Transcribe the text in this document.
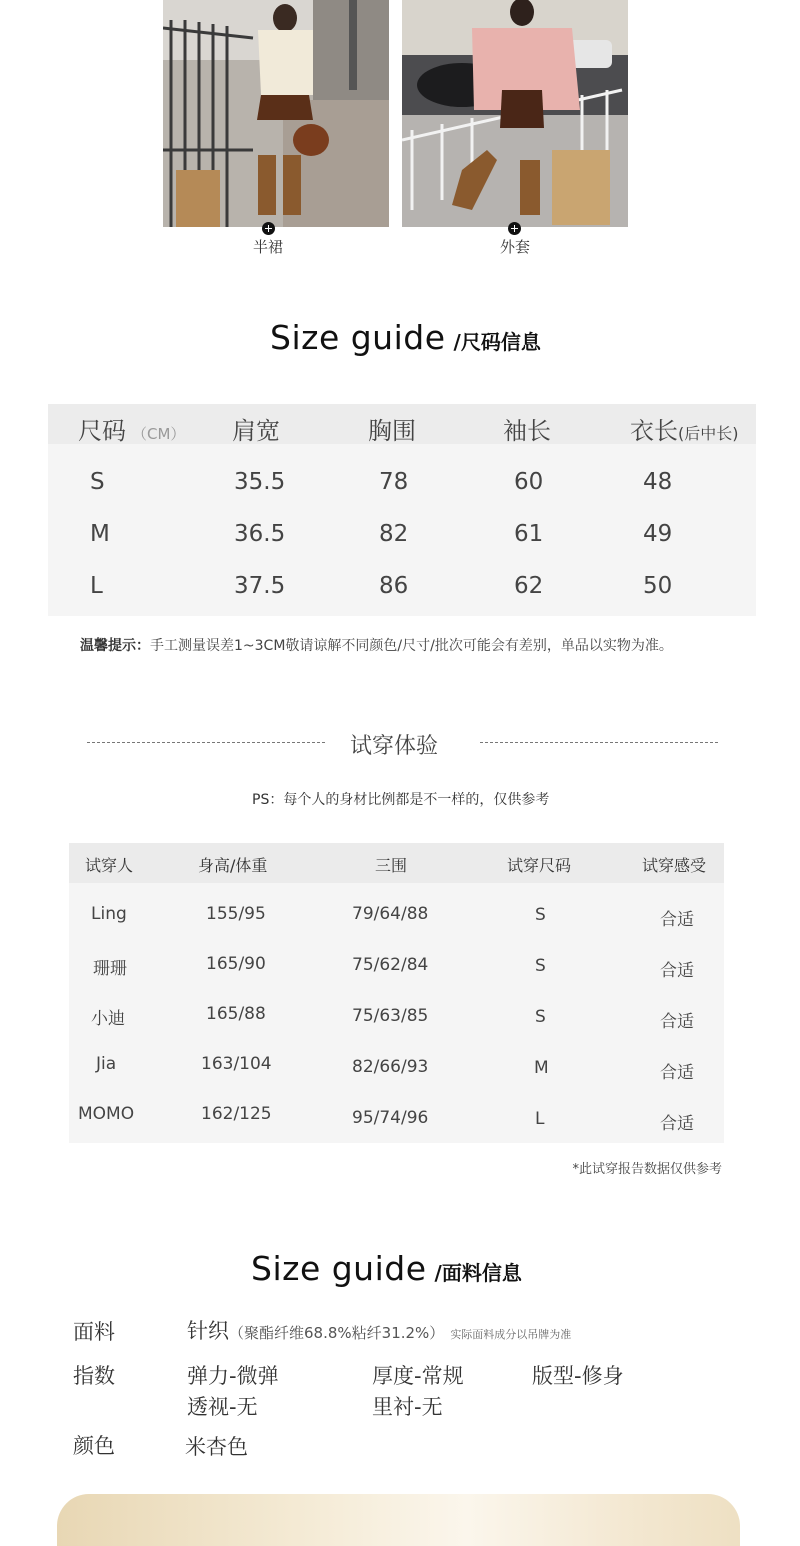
半裙	外套
Size guide /尺码信息
尺码 （CM） 肩宽	胸围	袖长	衣长(后中长)
S	35.5	78	60	48
M	36.5	82	61	49
L	37.5	86	62	50
温馨提示：手工测量误差1~3CM敬请谅解不同颜色/尺寸/批次可能会有差别，单品以实物为准。
试穿体验
PS：每个人的身材比例都是不一样的，仅供参考
试穿人	身高/体重	三围	试穿尺码	试穿感受
Ling	155/95	79/64/88	S	合适
珊珊	165/90	75/62/84	S	合适
小迪	165/88	75/63/85	S	合适
Jia	163/104	82/66/93	M	合适
MOMO	162/125	95/74/96	L	合适
*此试穿报告数据仅供参考
Size guide /面料信息
面料	针织（聚酯纤维68.8%粘纤31.2%） 实际面料成分以吊牌为准
指数	弹力-微弹	厚度-常规	版型-修身
透视-无	里衬-无
颜色	米杏色
